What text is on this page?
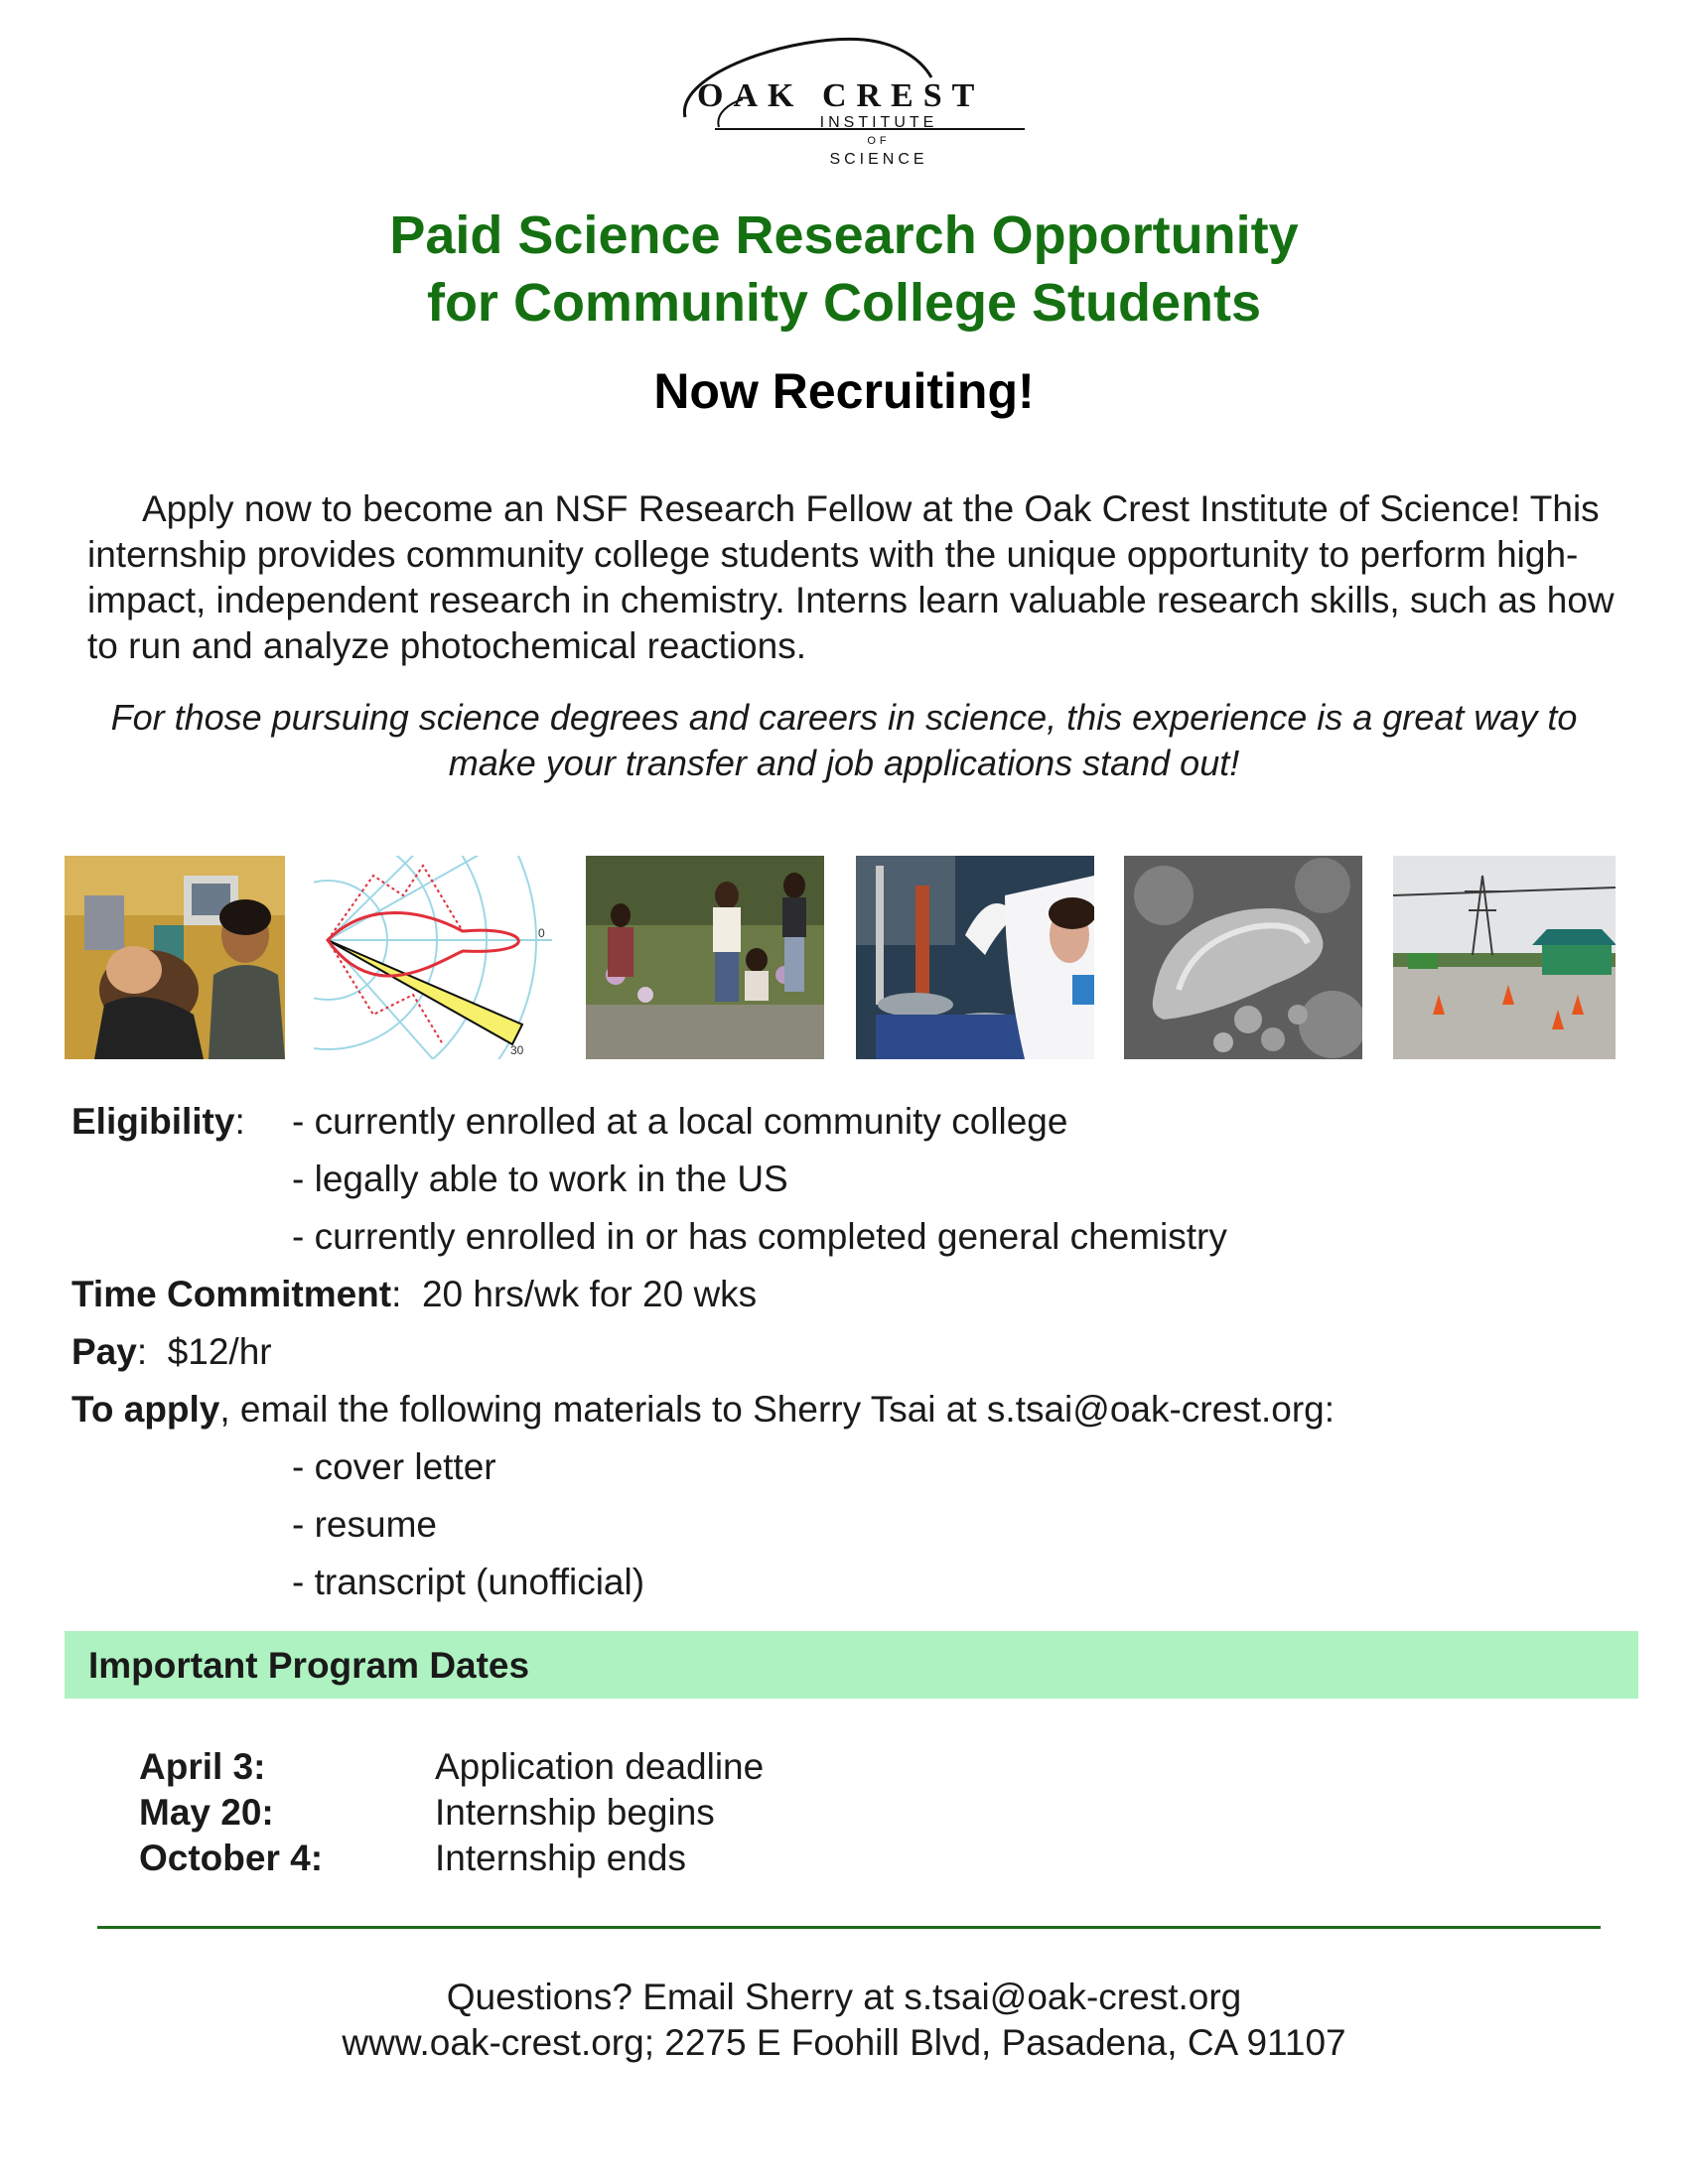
OAK CREST
INSTITUTE
OF
SCIENCE
Paid Science Research Opportunity
for Community College Students
Now Recruiting!

Apply now to become an NSF Research Fellow at the Oak Crest Institute of Science! This internship provides community college students with the unique opportunity to perform high-impact, independent research in chemistry. Interns learn valuable research skills, such as how to run and analyze photochemical reactions.

For those pursuing science degrees and careers in science, this experience is a great way to make your transfer and job applications stand out!

0
30
Eligibility: - currently enrolled at a local community college
- legally able to work in the US
- currently enrolled in or has completed general chemistry
Time Commitment:  20 hrs/wk for 20 wks
Pay:  $12/hr
To apply, email the following materials to Sherry Tsai at s.tsai@oak-crest.org:
- cover letter
- resume
- transcript (unofficial)
Important Program Dates
April 3:	Application deadline
May 20:	Internship begins
October 4:	Internship ends
Questions? Email Sherry at s.tsai@oak-crest.org
www.oak-crest.org; 2275 E Foohill Blvd, Pasadena, CA 91107
